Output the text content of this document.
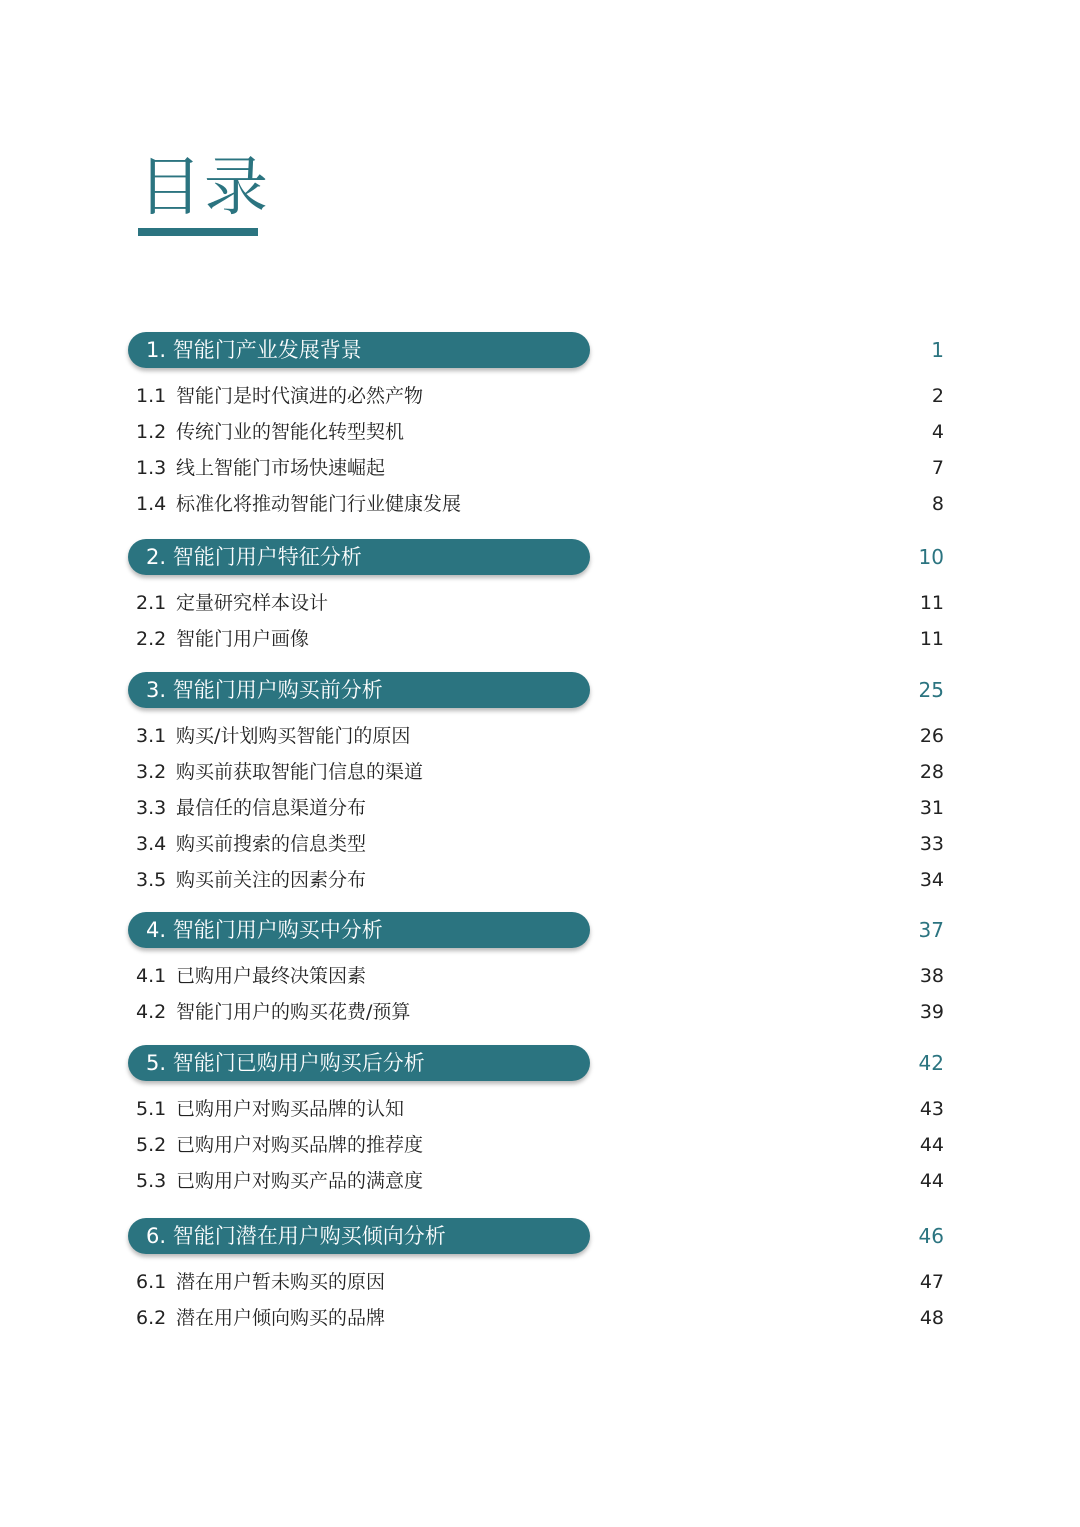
目录
1. 智能门产业发展背景	1
1.1 智能门是时代演进的必然产物	2
1.2 传统门业的智能化转型契机	4
1.3 线上智能门市场快速崛起	7
1.4 标准化将推动智能门行业健康发展	8
2. 智能门用户特征分析	10
2.1 定量研究样本设计	11
2.2 智能门用户画像	11
3. 智能门用户购买前分析	25
3.1 购买/计划购买智能门的原因	26
3.2 购买前获取智能门信息的渠道	28
3.3 最信任的信息渠道分布	31
3.4 购买前搜索的信息类型	33
3.5 购买前关注的因素分布	34
4. 智能门用户购买中分析	37
4.1 已购用户最终决策因素	38
4.2 智能门用户的购买花费/预算	39
5. 智能门已购用户购买后分析	42
5.1 已购用户对购买品牌的认知	43
5.2 已购用户对购买品牌的推荐度	44
5.3 已购用户对购买产品的满意度	44
6. 智能门潜在用户购买倾向分析	46
6.1 潜在用户暂未购买的原因	47
6.2 潜在用户倾向购买的品牌	48
